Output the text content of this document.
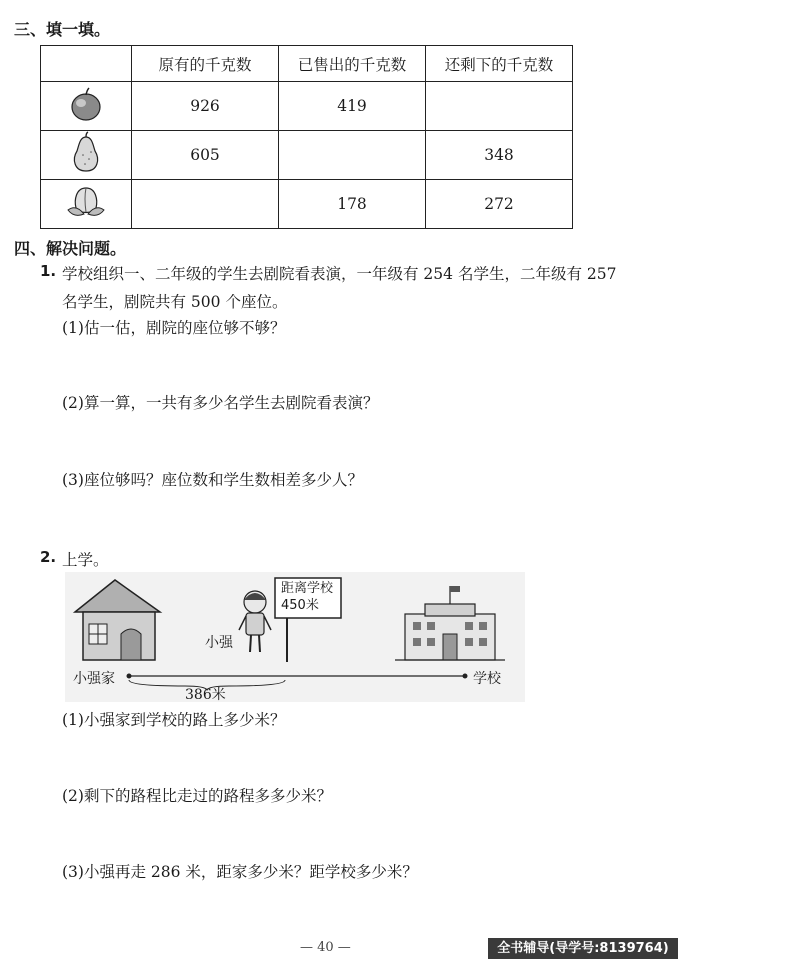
三、填一填。
	原有的千克数	已售出的千克数	还剩下的千克数
	926	419	
	605		348
		178	272
四、解决问题。
1. 学校组织一、二年级的学生去剧院看表演，一年级有 254 名学生，二年级有 257
名学生，剧院共有 500 个座位。
(1)估一估，剧院的座位够不够？
(2)算一算，一共有多少名学生去剧院看表演？
(3)座位够吗？座位数和学生数相差多少人？
2. 上学。
距离学校
450米
小强
小强家	学校
386米
(1)小强家到学校的路上多少米？
(2)剩下的路程比走过的路程多多少米？
(3)小强再走 286 米，距家多少米？距学校多少米？
— 40 —	全书辅导(导学号:8139764)
